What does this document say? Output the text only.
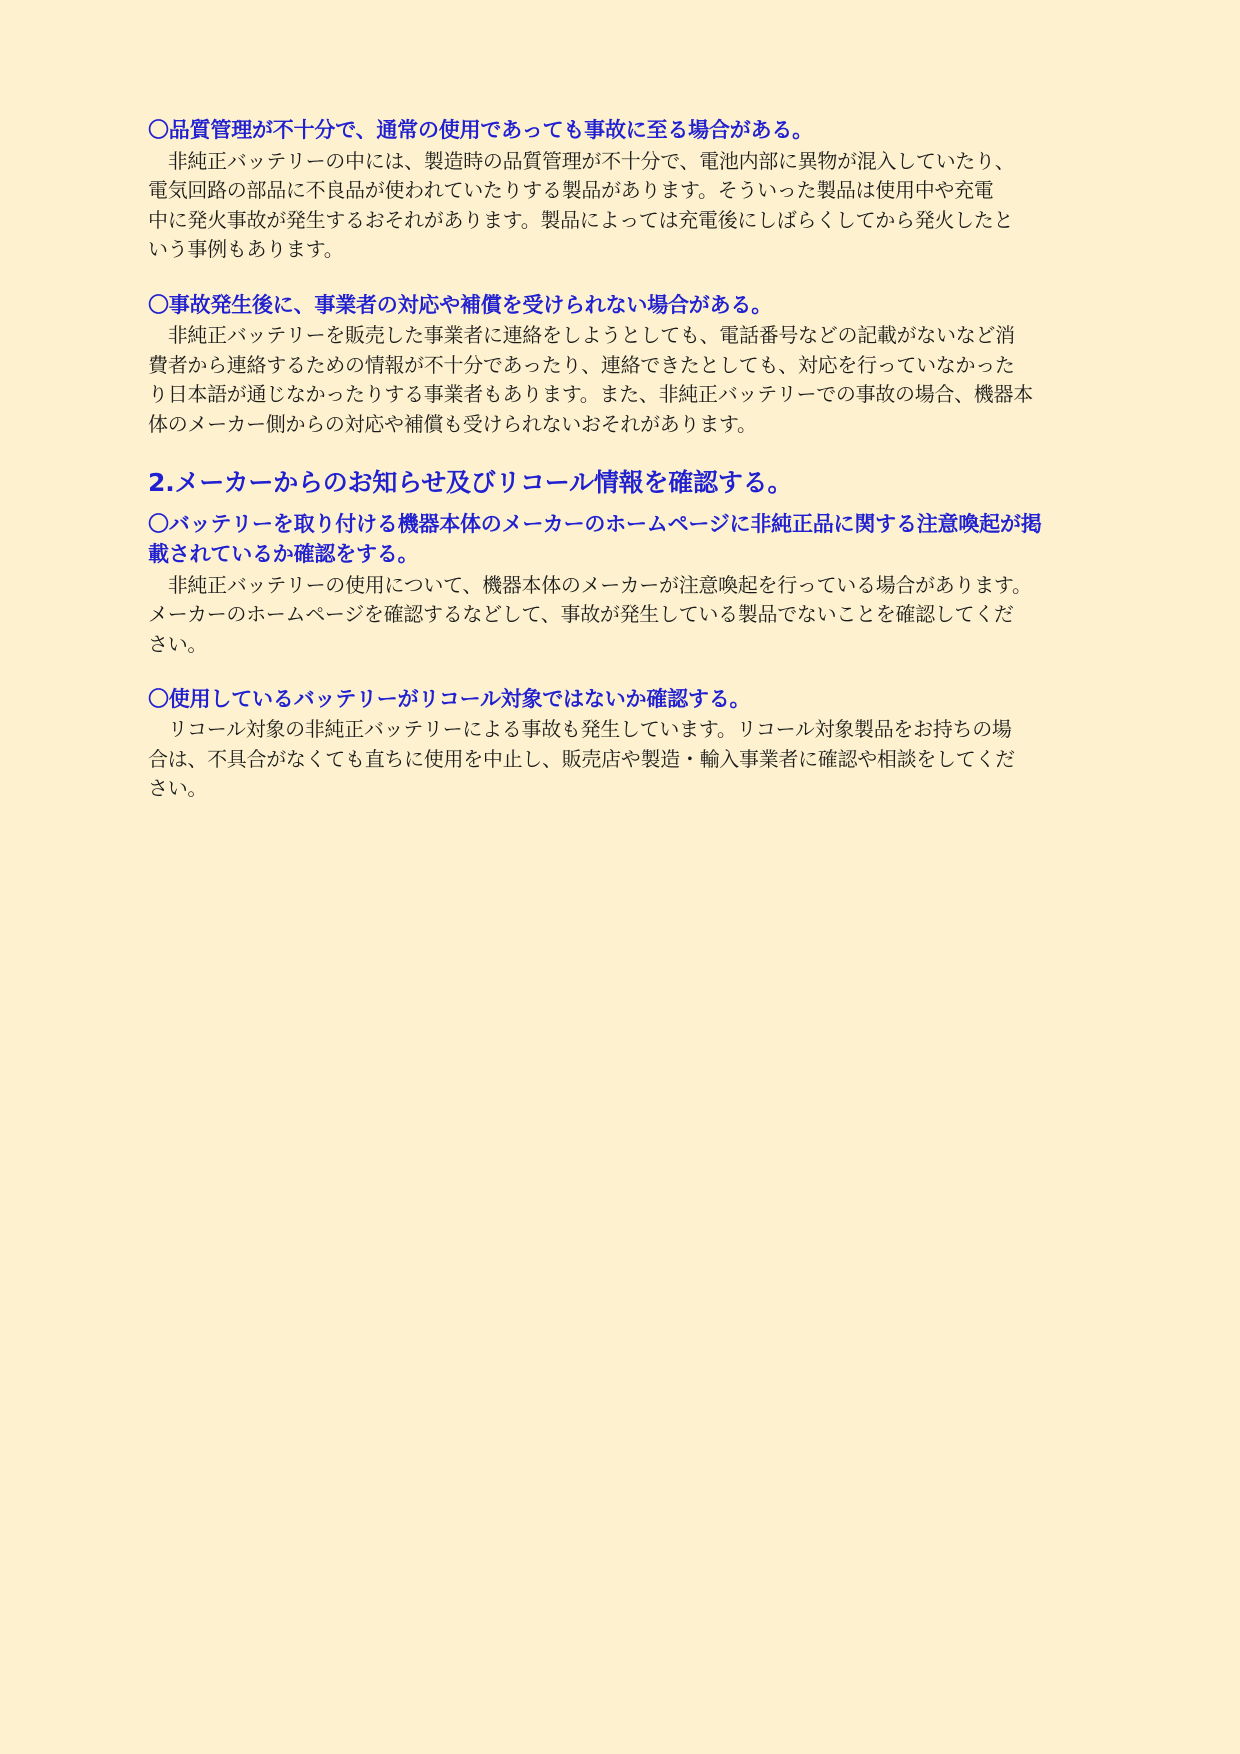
〇品質管理が不十分で、通常の使用であっても事故に至る場合がある。
　非純正バッテリーの中には、製造時の品質管理が不十分で、電池内部に異物が混入していたり、
電気回路の部品に不良品が使われていたりする製品があります。そういった製品は使用中や充電
中に発火事故が発生するおそれがあります。製品によっては充電後にしばらくしてから発火したと
いう事例もあります。
〇事故発生後に、事業者の対応や補償を受けられない場合がある。
　非純正バッテリーを販売した事業者に連絡をしようとしても、電話番号などの記載がないなど消
費者から連絡するための情報が不十分であったり、連絡できたとしても、対応を行っていなかった
り日本語が通じなかったりする事業者もあります。また、非純正バッテリーでの事故の場合、機器本
体のメーカー側からの対応や補償も受けられないおそれがあります。
2.メーカーからのお知らせ及びリコール情報を確認する。
〇バッテリーを取り付ける機器本体のメーカーのホームページに非純正品に関する注意喚起が掲
載されているか確認をする。
　非純正バッテリーの使用について、機器本体のメーカーが注意喚起を行っている場合があります。
メーカーのホームページを確認するなどして、事故が発生している製品でないことを確認してくだ
さい。
〇使用しているバッテリーがリコール対象ではないか確認する。
　リコール対象の非純正バッテリーによる事故も発生しています。リコール対象製品をお持ちの場
合は、不具合がなくても直ちに使用を中止し、販売店や製造・輸入事業者に確認や相談をしてくだ
さい。
